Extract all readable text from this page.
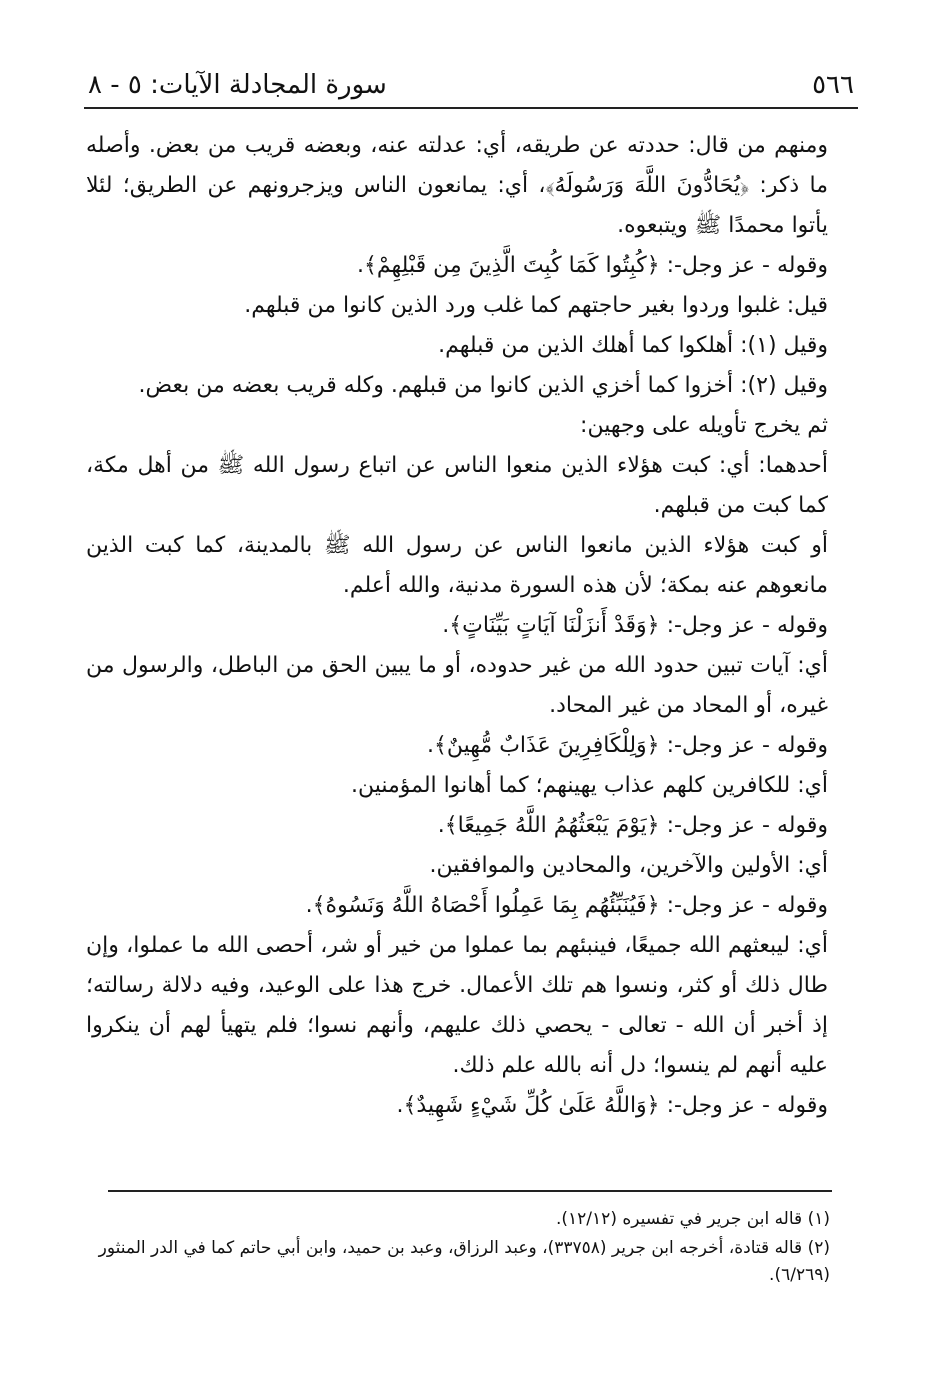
٥٦٦
سورة المجادلة الآيات: ٥ - ٨

ومنهم من قال: حددته عن طريقه، أي: عدلته عنه، وبعضه قريب من بعض. وأصله ما ذكر: ﴿يُحَادُّونَ اللَّهَ وَرَسُولَهُ﴾، أي: يمانعون الناس ويزجرونهم عن الطريق؛ لئلا يأتوا محمدًا ﷺ ويتبعوه.

وقوله - عز وجل-: ﴿كُبِتُوا كَمَا كُبِتَ الَّذِينَ مِن قَبْلِهِمْ﴾.

قيل: غلبوا وردوا بغير حاجتهم كما غلب ورد الذين كانوا من قبلهم.

وقيل (١): أهلكوا كما أهلك الذين من قبلهم.

وقيل (٢): أخزوا كما أخزي الذين كانوا من قبلهم. وكله قريب بعضه من بعض.

ثم يخرج تأويله على وجهين:

أحدهما: أي: كبت هؤلاء الذين منعوا الناس عن اتباع رسول الله ﷺ من أهل مكة، كما كبت من قبلهم.

أو كبت هؤلاء الذين مانعوا الناس عن رسول الله ﷺ بالمدينة، كما كبت الذين مانعوهم عنه بمكة؛ لأن هذه السورة مدنية، والله أعلم.

وقوله - عز وجل-: ﴿وَقَدْ أَنزَلْنَا آيَاتٍ بَيِّنَاتٍ﴾.

أي: آيات تبين حدود الله من غير حدوده، أو ما يبين الحق من الباطل، والرسول من غيره، أو المحاد من غير المحاد.

وقوله - عز وجل-: ﴿وَلِلْكَافِرِينَ عَذَابٌ مُّهِينٌ﴾.

أي: للكافرين كلهم عذاب يهينهم؛ كما أهانوا المؤمنين.

وقوله - عز وجل-: ﴿يَوْمَ يَبْعَثُهُمُ اللَّهُ جَمِيعًا﴾.

أي: الأولين والآخرين، والمحادين والموافقين.

وقوله - عز وجل-: ﴿فَيُنَبِّئُهُم بِمَا عَمِلُوا أَحْصَاهُ اللَّهُ وَنَسُوهُ﴾.

أي: ليبعثهم الله جميعًا، فينبئهم بما عملوا من خير أو شر، أحصى الله ما عملوا، وإن طال ذلك أو كثر، ونسوا هم تلك الأعمال. خرج هذا على الوعيد، وفيه دلالة رسالته؛ إذ أخبر أن الله - تعالى - يحصي ذلك عليهم، وأنهم نسوا؛ فلم يتهيأ لهم أن ينكروا عليه أنهم لم ينسوا؛ دل أنه بالله علم ذلك.

وقوله - عز وجل-: ﴿وَاللَّهُ عَلَىٰ كُلِّ شَيْءٍ شَهِيدٌ﴾.

(١) قاله ابن جرير في تفسيره (١٢/١٢).

(٢) قاله قتادة، أخرجه ابن جرير (٣٣٧٥٨)، وعبد الرزاق، وعبد بن حميد، وابن أبي حاتم كما في الدر المنثور (٦/٢٦٩).
